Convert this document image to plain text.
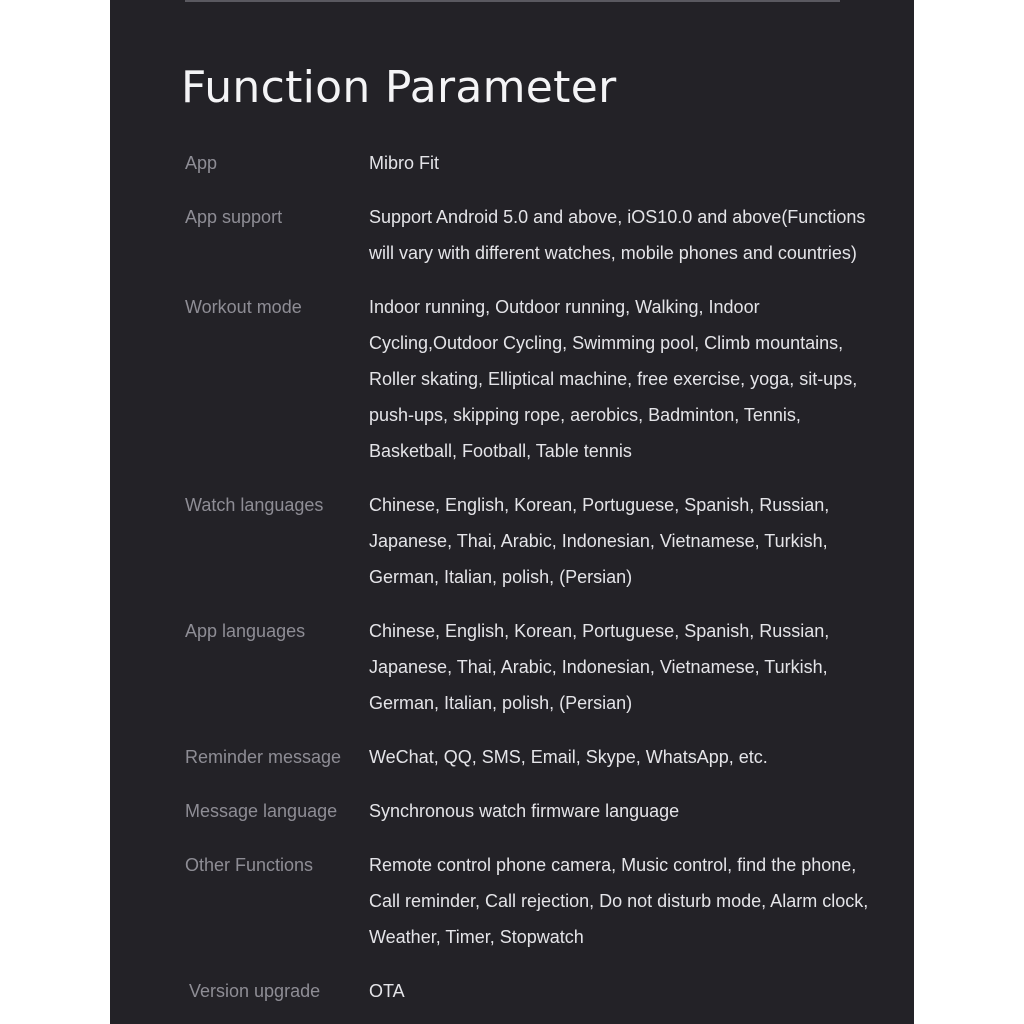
Function Parameter
App	Mibro Fit
App support	Support Android 5.0 and above, iOS10.0 and above(Functions
will vary with different watches, mobile phones and countries)
Workout mode	Indoor running, Outdoor running, Walking, Indoor
Cycling,Outdoor Cycling, Swimming pool, Climb mountains,
Roller skating, Elliptical machine, free exercise, yoga, sit-ups,
push-ups, skipping rope, aerobics, Badminton, Tennis,
Basketball, Football, Table tennis
Watch languages	Chinese, English, Korean, Portuguese, Spanish, Russian,
Japanese, Thai, Arabic, Indonesian, Vietnamese, Turkish,
German, Italian, polish, (Persian)
App languages	Chinese, English, Korean, Portuguese, Spanish, Russian,
Japanese, Thai, Arabic, Indonesian, Vietnamese, Turkish,
German, Italian, polish, (Persian)
Reminder message	WeChat, QQ, SMS, Email, Skype, WhatsApp, etc.
Message language	Synchronous watch firmware language
Other Functions	Remote control phone camera, Music control, find the phone,
Call reminder, Call rejection, Do not disturb mode, Alarm clock,
Weather, Timer, Stopwatch
Version upgrade	OTA
